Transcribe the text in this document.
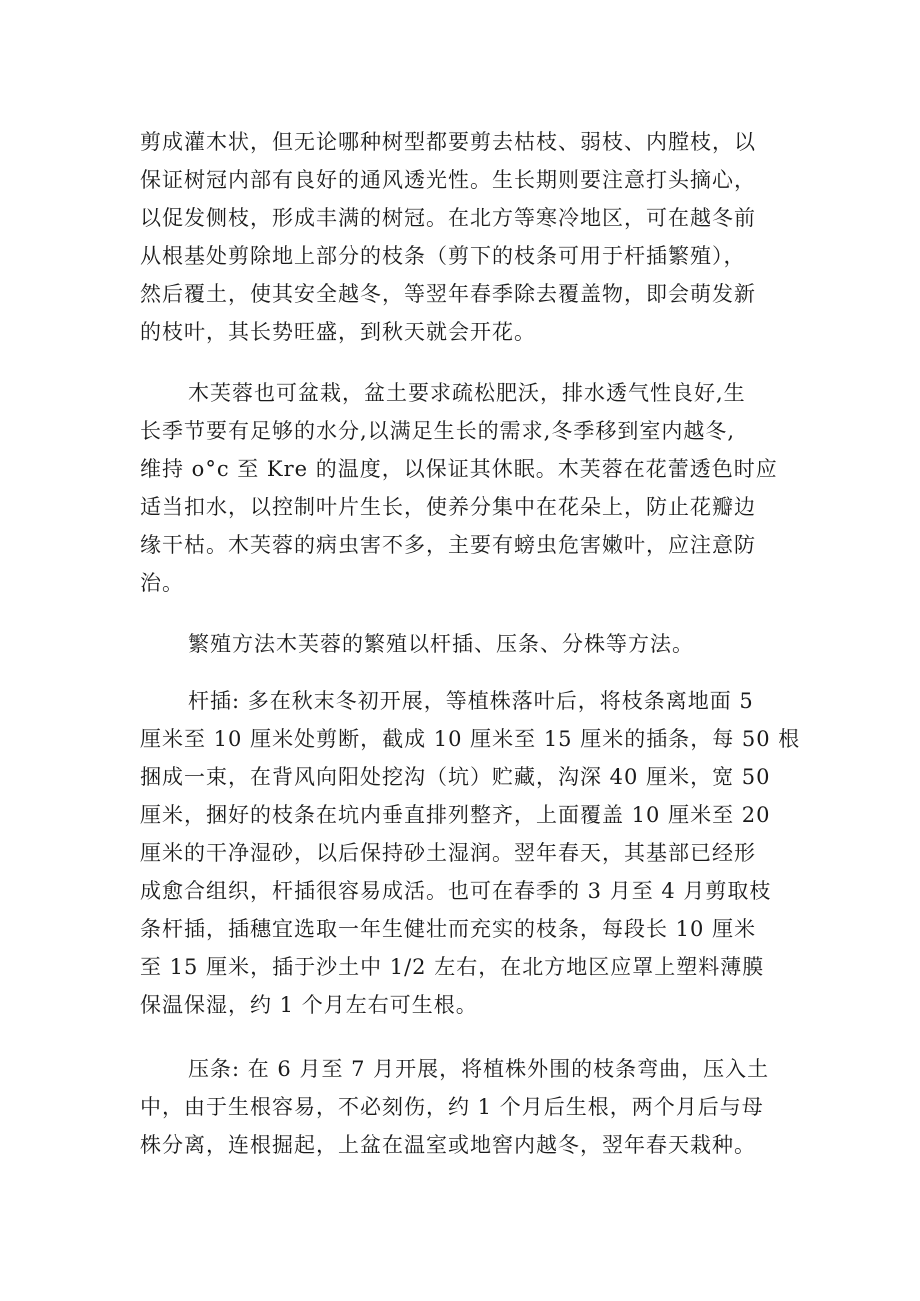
剪成灌木状，但无论哪种树型都要剪去枯枝、弱枝、内膛枝，以
保证树冠内部有良好的通风透光性。生长期则要注意打头摘心，
以促发侧枝，形成丰满的树冠。在北方等寒冷地区，可在越冬前
从根基处剪除地上部分的枝条（剪下的枝条可用于杆插繁殖），
然后覆土，使其安全越冬，等翌年春季除去覆盖物，即会萌发新
的枝叶，其长势旺盛，到秋天就会开花。

木芙蓉也可盆栽，盆土要求疏松肥沃，排水透气性良好,生
长季节要有足够的水分,以满足生长的需求,冬季移到室内越冬,
维持 o°c 至 Kre 的温度，以保证其休眠。木芙蓉在花蕾透色时应
适当扣水，以控制叶片生长，使养分集中在花朵上，防止花瓣边
缘干枯。木芙蓉的病虫害不多，主要有螃虫危害嫩叶，应注意防
治。

繁殖方法木芙蓉的繁殖以杆插、压条、分株等方法。

杆插: 多在秋末冬初开展，等植株落叶后，将枝条离地面 5
厘米至 10 厘米处剪断，截成 10 厘米至 15 厘米的插条，每 50 根
捆成一束，在背风向阳处挖沟（坑）贮藏，沟深 40 厘米，宽 50
厘米，捆好的枝条在坑内垂直排列整齐，上面覆盖 10 厘米至 20
厘米的干净湿砂，以后保持砂土湿润。翌年春天，其基部已经形
成愈合组织，杆插很容易成活。也可在春季的 3 月至 4 月剪取枝
条杆插，插穗宜选取一年生健壮而充实的枝条，每段长 10 厘米
至 15 厘米，插于沙土中 1/2 左右，在北方地区应罩上塑料薄膜
保温保湿，约 1 个月左右可生根。

压条: 在 6 月至 7 月开展，将植株外围的枝条弯曲，压入土
中，由于生根容易，不必刻伤，约 1 个月后生根，两个月后与母
株分离，连根掘起，上盆在温室或地窖内越冬，翌年春天栽种。
